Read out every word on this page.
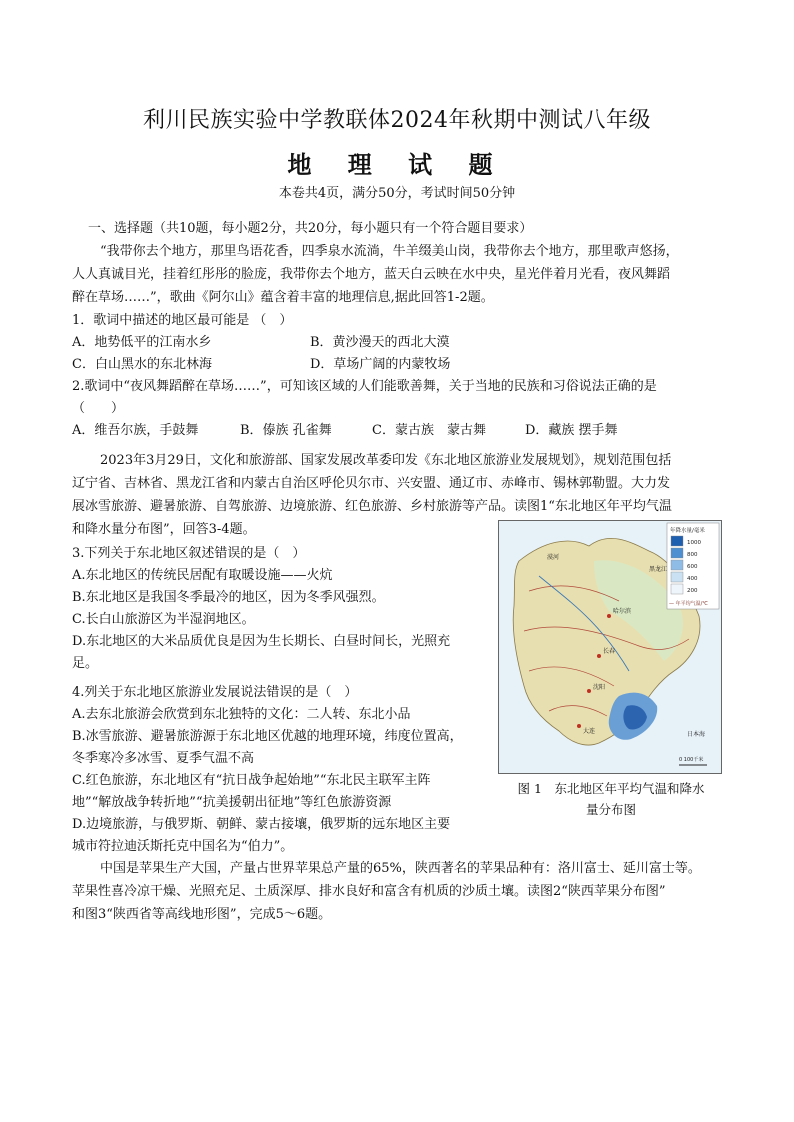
利川民族实验中学教联体2024年秋期中测试八年级
地 理 试 题
本卷共4页，满分50分，考试时间50分钟
一、选择题（共10题，每小题2分，共20分，每小题只有一个符合题目要求）
“我带你去个地方，那里鸟语花香，四季泉水流淌，牛羊缀美山岗，我带你去个地方，那里歌声悠扬，
人人真诚目光，挂着红彤彤的脸庞，我带你去个地方，蓝天白云映在水中央，星光伴着月光看，夜风舞蹈
醉在草场……”，歌曲《阿尔山》蕴含着丰富的地理信息,据此回答1-2题。
1．歌词中描述的地区最可能是 （　）
A．地势低平的江南水乡	B．黄沙漫天的西北大漠
C．白山黑水的东北林海	D．草场广阔的内蒙牧场
2.歌词中“夜风舞蹈醉在草场……”，可知该区域的人们能歌善舞，关于当地的民族和习俗说法正确的是
（　　）
A．维吾尔族，手鼓舞	B．傣族 孔雀舞	C．蒙古族　蒙古舞	D．藏族 摆手舞
2023年3月29日，文化和旅游部、国家发展改革委印发《东北地区旅游业发展规划》，规划范围包括
辽宁省、吉林省、黑龙江省和内蒙古自治区呼伦贝尔市、兴安盟、通辽市、赤峰市、锡林郭勒盟。大力发
展冰雪旅游、避暑旅游、自驾旅游、边境旅游、红色旅游、乡村旅游等产品。读图1“东北地区年平均气温
和降水量分布图”，回答3-4题。
3.下列关于东北地区叙述错误的是（　）
A.东北地区的传统民居配有取暖设施——火炕
B.东北地区是我国冬季最冷的地区，因为冬季风强烈。
C.长白山旅游区为半湿润地区。
D.东北地区的大米品质优良是因为生长期长、白昼时间长，光照充
足。
4.列关于东北地区旅游业发展说法错误的是（　）
A.去东北旅游会欣赏到东北独特的文化：二人转、东北小品
B.冰雪旅游、避暑旅游源于东北地区优越的地理环境，纬度位置高，
冬季寒冷多冰雪、夏季气温不高
C.红色旅游，东北地区有“抗日战争起始地”“东北民主联军主阵
地”“解放战争转折地”“抗美援朝出征地”等红色旅游资源
D.边境旅游，与俄罗斯、朝鲜、蒙古接壤，俄罗斯的远东地区主要
城市符拉迪沃斯托克中国名为“伯力”。
漠河
哈尔滨
长春
沈阳
大连
黑龙江
日本海
年降水量/毫米
1000
800
600
400
200
— 年平均气温/℃
0 100千米
图 1　东北地区年平均气温和降水
量分布图
中国是苹果生产大国，产量占世界苹果总产量的65%，陕西著名的苹果品种有：洛川富士、延川富士等。
苹果性喜冷凉干燥、光照充足、土质深厚、排水良好和富含有机质的沙质土壤。读图2“陕西苹果分布图”
和图3“陕西省等高线地形图”，完成5～6题。
